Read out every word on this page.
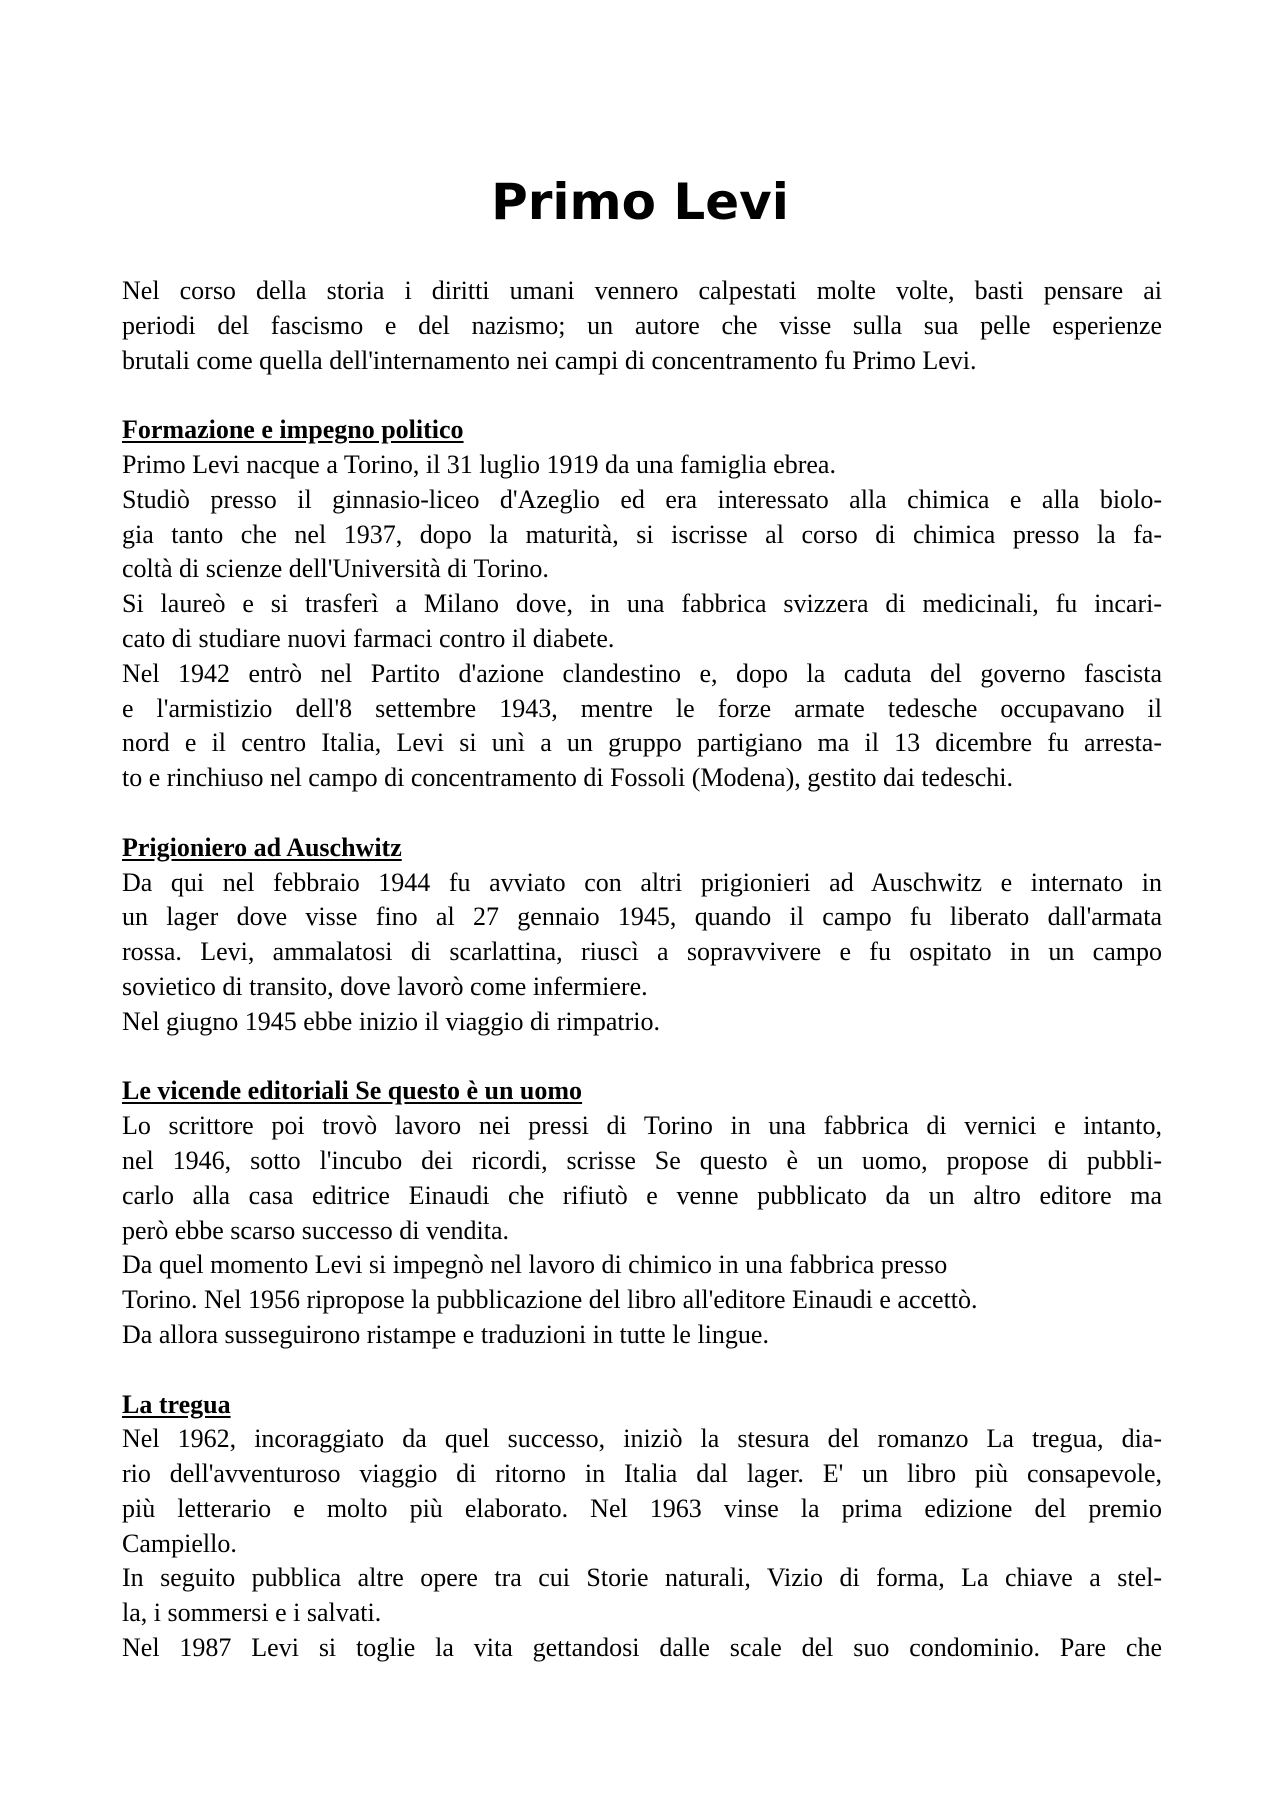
Primo Levi
Nel corso della storia i diritti umani vennero calpestati molte volte, basti pensare ai
periodi del fascismo e del nazismo; un autore che visse sulla sua pelle esperienze
brutali come quella dell'internamento nei campi di concentramento fu Primo Levi.
Formazione e impegno politico
Primo Levi nacque a Torino, il 31 luglio 1919 da una famiglia ebrea.
Studiò presso il ginnasio-liceo d'Azeglio ed era interessato alla chimica e alla biolo-
gia tanto che nel 1937, dopo la maturità, si iscrisse al corso di chimica presso la fa-
coltà di scienze dell'Università di Torino.
Si laureò e si trasferì a Milano dove, in una fabbrica svizzera di medicinali, fu incari-
cato di studiare nuovi farmaci contro il diabete.
Nel 1942 entrò nel Partito d'azione clandestino e, dopo la caduta del governo fascista
e l'armistizio dell'8 settembre 1943, mentre le forze armate tedesche occupavano il
nord e il centro Italia, Levi si unì a un gruppo partigiano ma il 13 dicembre fu arresta-
to e rinchiuso nel campo di concentramento di Fossoli (Modena), gestito dai tedeschi.
Prigioniero ad Auschwitz
Da qui nel febbraio 1944 fu avviato con altri prigionieri ad Auschwitz e internato in
un lager dove visse fino al 27 gennaio 1945, quando il campo fu liberato dall'armata
rossa. Levi, ammalatosi di scarlattina, riuscì a sopravvivere e fu ospitato in un campo
sovietico di transito, dove lavorò come infermiere.
Nel giugno 1945 ebbe inizio il viaggio di rimpatrio.
Le vicende editoriali Se questo è un uomo
Lo scrittore poi trovò lavoro nei pressi di Torino in una fabbrica di vernici e intanto,
nel 1946, sotto l'incubo dei ricordi, scrisse Se questo è un uomo, propose di pubbli-
carlo alla casa editrice Einaudi che rifiutò e venne pubblicato da un altro editore ma
però ebbe scarso successo di vendita.
Da quel momento Levi si impegnò nel lavoro di chimico in una fabbrica presso
Torino. Nel 1956 ripropose la pubblicazione del libro all'editore Einaudi e accettò.
Da allora susseguirono ristampe e traduzioni in tutte le lingue.
La tregua
Nel 1962, incoraggiato da quel successo, iniziò la stesura del romanzo La tregua, dia-
rio dell'avventuroso viaggio di ritorno in Italia dal lager. E' un libro più consapevole,
più letterario e molto più elaborato. Nel 1963 vinse la prima edizione del premio
Campiello.
In seguito pubblica altre opere tra cui Storie naturali, Vizio di forma, La chiave a stel-
la, i sommersi e i salvati.
Nel 1987 Levi si toglie la vita gettandosi dalle scale del suo condominio. Pare che
